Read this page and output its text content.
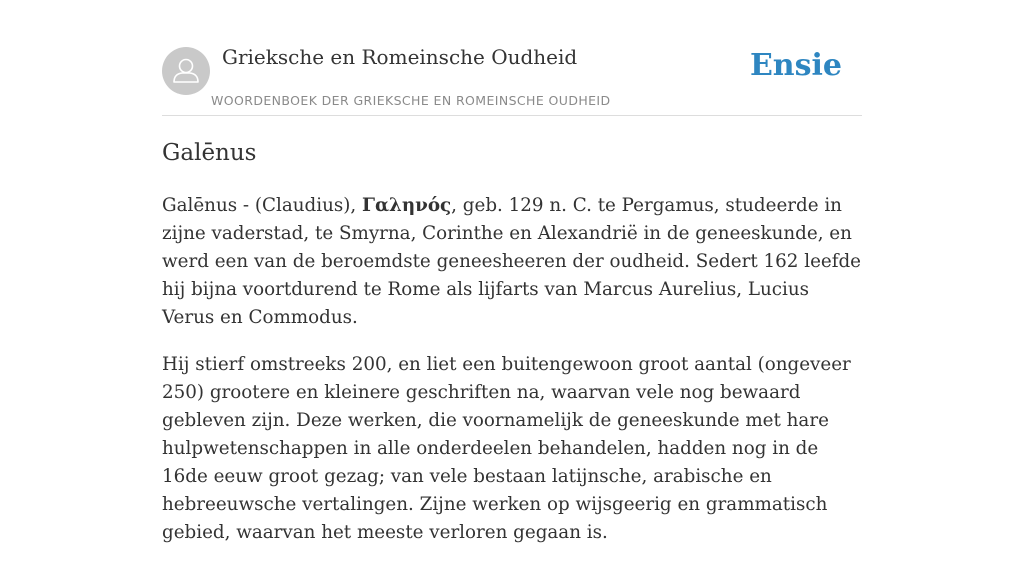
Grieksche en Romeinsche Oudheid
WOORDENBOEK DER GRIEKSCHE EN ROMEINSCHE OUDHEID
Ensie
Galēnus

Galēnus - (Claudius), Γαληνός, geb. 129 n. C. te Pergamus, studeerde in zijne vaderstad, te Smyrna, Corinthe en Alexandrië in de geneeskunde, en werd een van de beroemdste geneesheeren der oudheid. Sedert 162 leefde hij bijna voortdurend te Rome als lijfarts van Marcus Aurelius, Lucius Verus en Commodus.

Hij stierf omstreeks 200, en liet een buitengewoon groot aantal (ongeveer 250) grootere en kleinere geschriften na, waarvan vele nog bewaard gebleven zijn. Deze werken, die voornamelijk de geneeskunde met hare hulpwetenschappen in alle onderdeelen behandelen, hadden nog in de 16de eeuw groot gezag; van vele bestaan latijnsche, arabische en hebreeuwsche vertalingen. Zijne werken op wijsgeerig en grammatisch gebied, waarvan het meeste verloren gegaan is.
